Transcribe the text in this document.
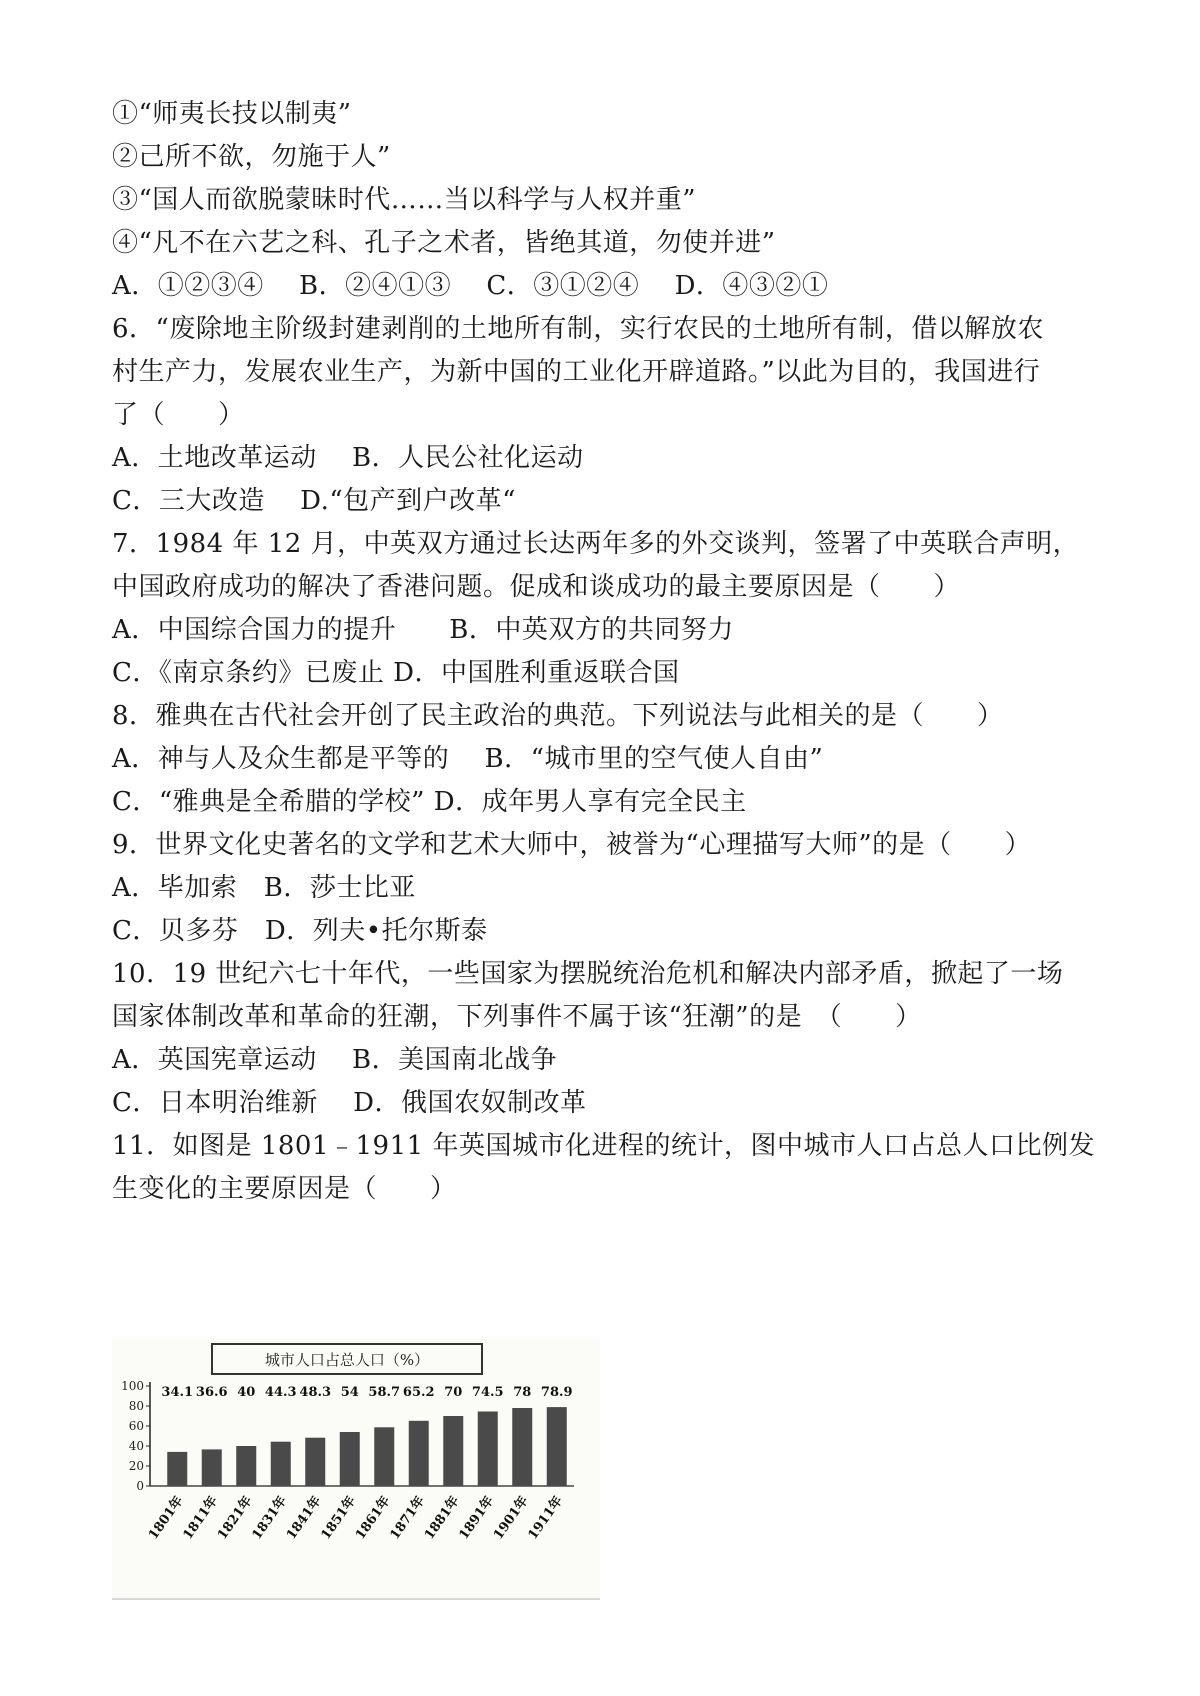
①“师夷长技以制夷”
②己所不欲，勿施于人”
③“国人而欲脱蒙昧时代……当以科学与人权并重”
④“凡不在六艺之科、孔子之术者，皆绝其道，勿使并进”
A．①②③④　 B．②④①③　 C．③①②④　 D．④③②①
6．“废除地主阶级封建剥削的土地所有制，实行农民的土地所有制，借以解放农
村生产力，发展农业生产，为新中国的工业化开辟道路。”以此为目的，我国进行
了（　　）
A．土地改革运动　 B．人民公社化运动
C．三大改造　 D.“包产到户改革“
7．1984 年 12 月，中英双方通过长达两年多的外交谈判，签署了中英联合声明，
中国政府成功的解决了香港问题。促成和谈成功的最主要原因是（　　）
A．中国综合国力的提升　　B．中英双方的共同努力
C．《南京条约》已废止 D．中国胜利重返联合国
8．雅典在古代社会开创了民主政治的典范。下列说法与此相关的是（　　）
A．神与人及众生都是平等的　 B．“城市里的空气使人自由”
C．“雅典是全希腊的学校” D．成年男人享有完全民主
9．世界文化史著名的文学和艺术大师中，被誉为“心理描写大师”的是（　　）
A．毕加索　B．莎士比亚
C．贝多芬　D．列夫•托尔斯泰
10．19 世纪六七十年代，一些国家为摆脱统治危机和解决内部矛盾，掀起了一场
国家体制改革和革命的狂潮，下列事件不属于该“狂潮”的是　（　　）
A．英国宪章运动　 B．美国南北战争
C．日本明治维新　 D．俄国农奴制改革
11．如图是 1801﹣1911 年英国城市化进程的统计，图中城市人口占总人口比例发
生变化的主要原因是（　　）
城市人口占总人口（%）
0
20
40
60
80
100 34.1
1801年
36.6
1811年
40
1821年
44.3
1831年
48.3
1841年
54
1851年
58.7
1861年
65.2
1871年
70
1881年
74.5
1891年
78
1901年
78.9
1911年
